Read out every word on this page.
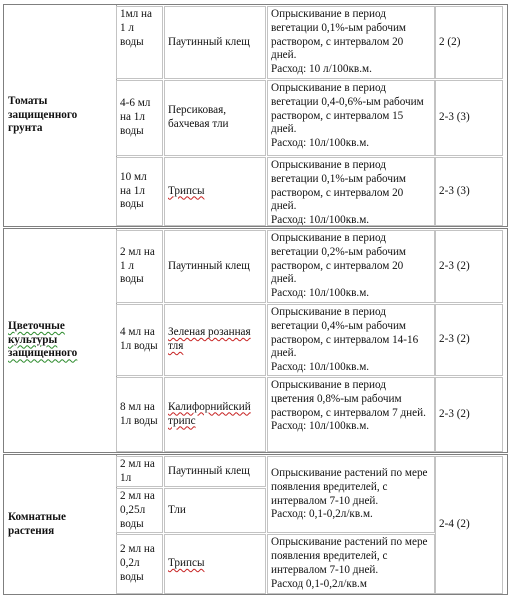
Томаты защищенного грунта
1мл на 1 л воды	Паутинный клещ
Опрыскивание в период вегетации 0,1%-ым рабочим раствором, с интервалом 20 дней.
Расход: 10 л/100кв.м.
2 (2)
4-6 мл на 1л воды
Персиковая, бахчевая тли
Опрыскивание в период вегетации 0,4-0,6%-ым рабочим раствором, с интервалом 15 дней.
Расход: 10л/100кв.м.
2-3 (3)
10 мл на 1л воды
Трипсы
Опрыскивание в период вегетации 0,1%-ым рабочим раствором, с интервалом 20 дней.
Расход: 10л/100кв.м.
2-3 (3)
Цветочные культуры защищенного
2 мл на 1 л воды
Паутинный клещ
Опрыскивание в период вегетации 0,2%-ым рабочим раствором, с интервалом 20 дней.
Расход: 10л/100кв.м.
2-3 (2)
4 мл на 1л воды
Зеленая розанная тля
Опрыскивание в период вегетации 0,4%-ым рабочим раствором, с интервалом 14-16 дней.
Расход: 10л/100кв.м.
2-3 (2)
8 мл на 1л воды
Калифорнийский трипс
Опрыскивание в период цветения 0,8%-ым рабочим раствором, с интервалом 7 дней.
Расход: 10л/100кв.м.
2-3 (2)
Комнатные растения
2 мл на 1л
Паутинный клещ
2 мл на 0,25л воды
Тли
Опрыскивание растений по мере появления вредителей, с интервалом 7-10 дней.
Расход: 0,1-0,2л/кв.м.
2 мл на 0,2л воды
Трипсы
Опрыскивание растений по мере появления вредителей, с интервалом 7-10 дней.
Расход 0,1-0,2л/кв.м
2-4 (2)
